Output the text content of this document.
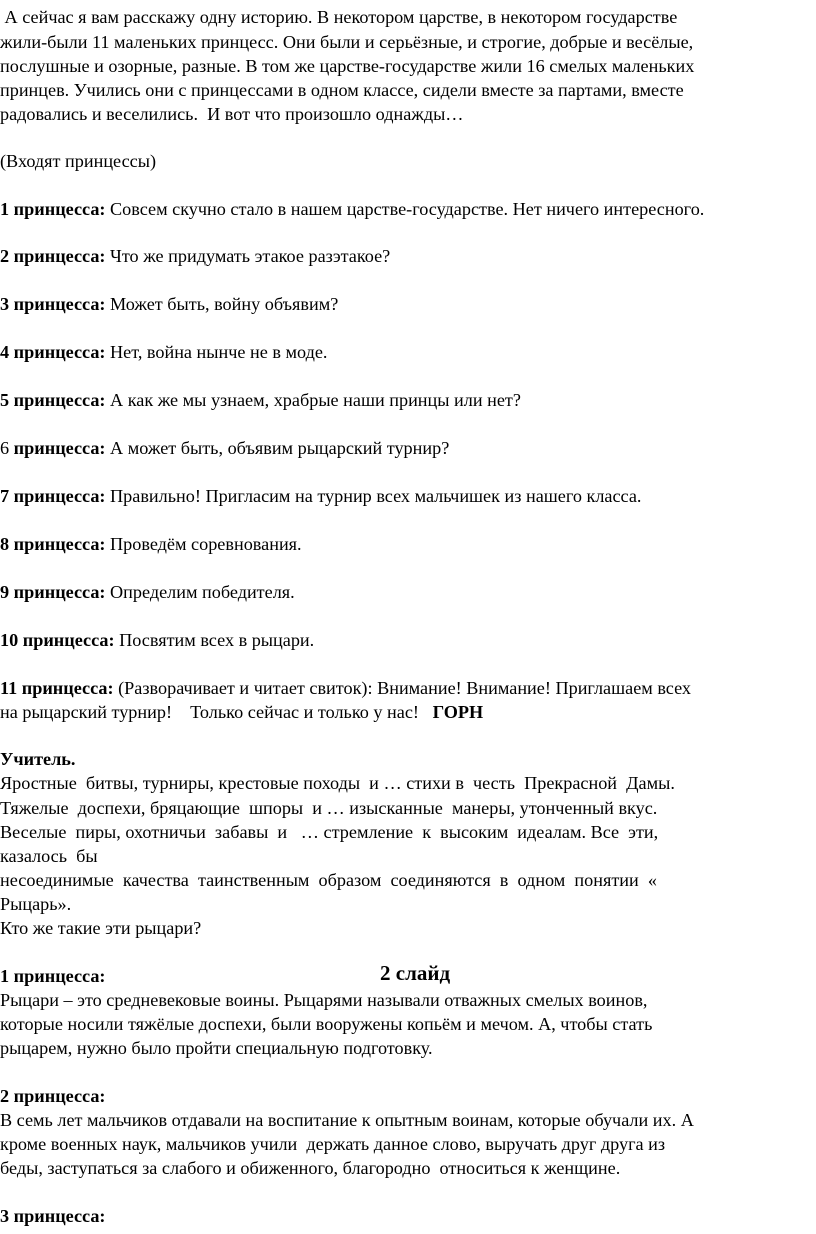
А сейчас я вам расскажу одну историю. В некотором царстве, в некотором государстве
жили-были 11 маленьких принцесс. Они были и серьёзные, и строгие, добрые и весёлые,
послушные и озорные, разные. В том же царстве-государстве жили 16 смелых маленьких
принцев. Учились они с принцессами в одном классе, сидели вместе за партами, вместе
радовались и веселились.  И вот что произошло однажды…
(Входят принцессы)
1 принцесса: Совсем скучно стало в нашем царстве-государстве. Нет ничего интересного.
2 принцесса: Что же придумать этакое разэтакое?
3 принцесса: Может быть, войну объявим?
4 принцесса: Нет, война нынче не в моде.
5 принцесса: А как же мы узнаем, храбрые наши принцы или нет?
6 принцесса: А может быть, объявим рыцарский турнир?
7 принцесса: Правильно! Пригласим на турнир всех мальчишек из нашего класса.
8 принцесса: Проведём соревнования.
9 принцесса: Определим победителя.
10 принцесса: Посвятим всех в рыцари.
11 принцесса: (Разворачивает и читает свиток): Внимание! Внимание! Приглашаем всех
на рыцарский турнир!    Только сейчас и только у нас!   ГОРН
Учитель.
Яростные  битвы, турниры, крестовые походы  и … стихи в  честь  Прекрасной  Дамы.
Тяжелые  доспехи, бряцающие  шпоры  и … изысканные  манеры, утонченный вкус.
Веселые  пиры, охотничьи  забавы  и   … стремление  к  высоким  идеалам. Все  эти,
казалось  бы
несоединимые  качества  таинственным  образом  соединяются  в  одном  понятии  «
Рыцарь».
Кто же такие эти рыцари?
1 принцесса:	2 слайд
Рыцари – это средневековые воины. Рыцарями называли отважных смелых воинов,
которые носили тяжёлые доспехи, были вооружены копьём и мечом. А, чтобы стать
рыцарем, нужно было пройти специальную подготовку.
2 принцесса:
В семь лет мальчиков отдавали на воспитание к опытным воинам, которые обучали их. А
кроме военных наук, мальчиков учили  держать данное слово, выручать друг друга из
беды, заступаться за слабого и обиженного, благородно  относиться к женщине.
3 принцесса:
